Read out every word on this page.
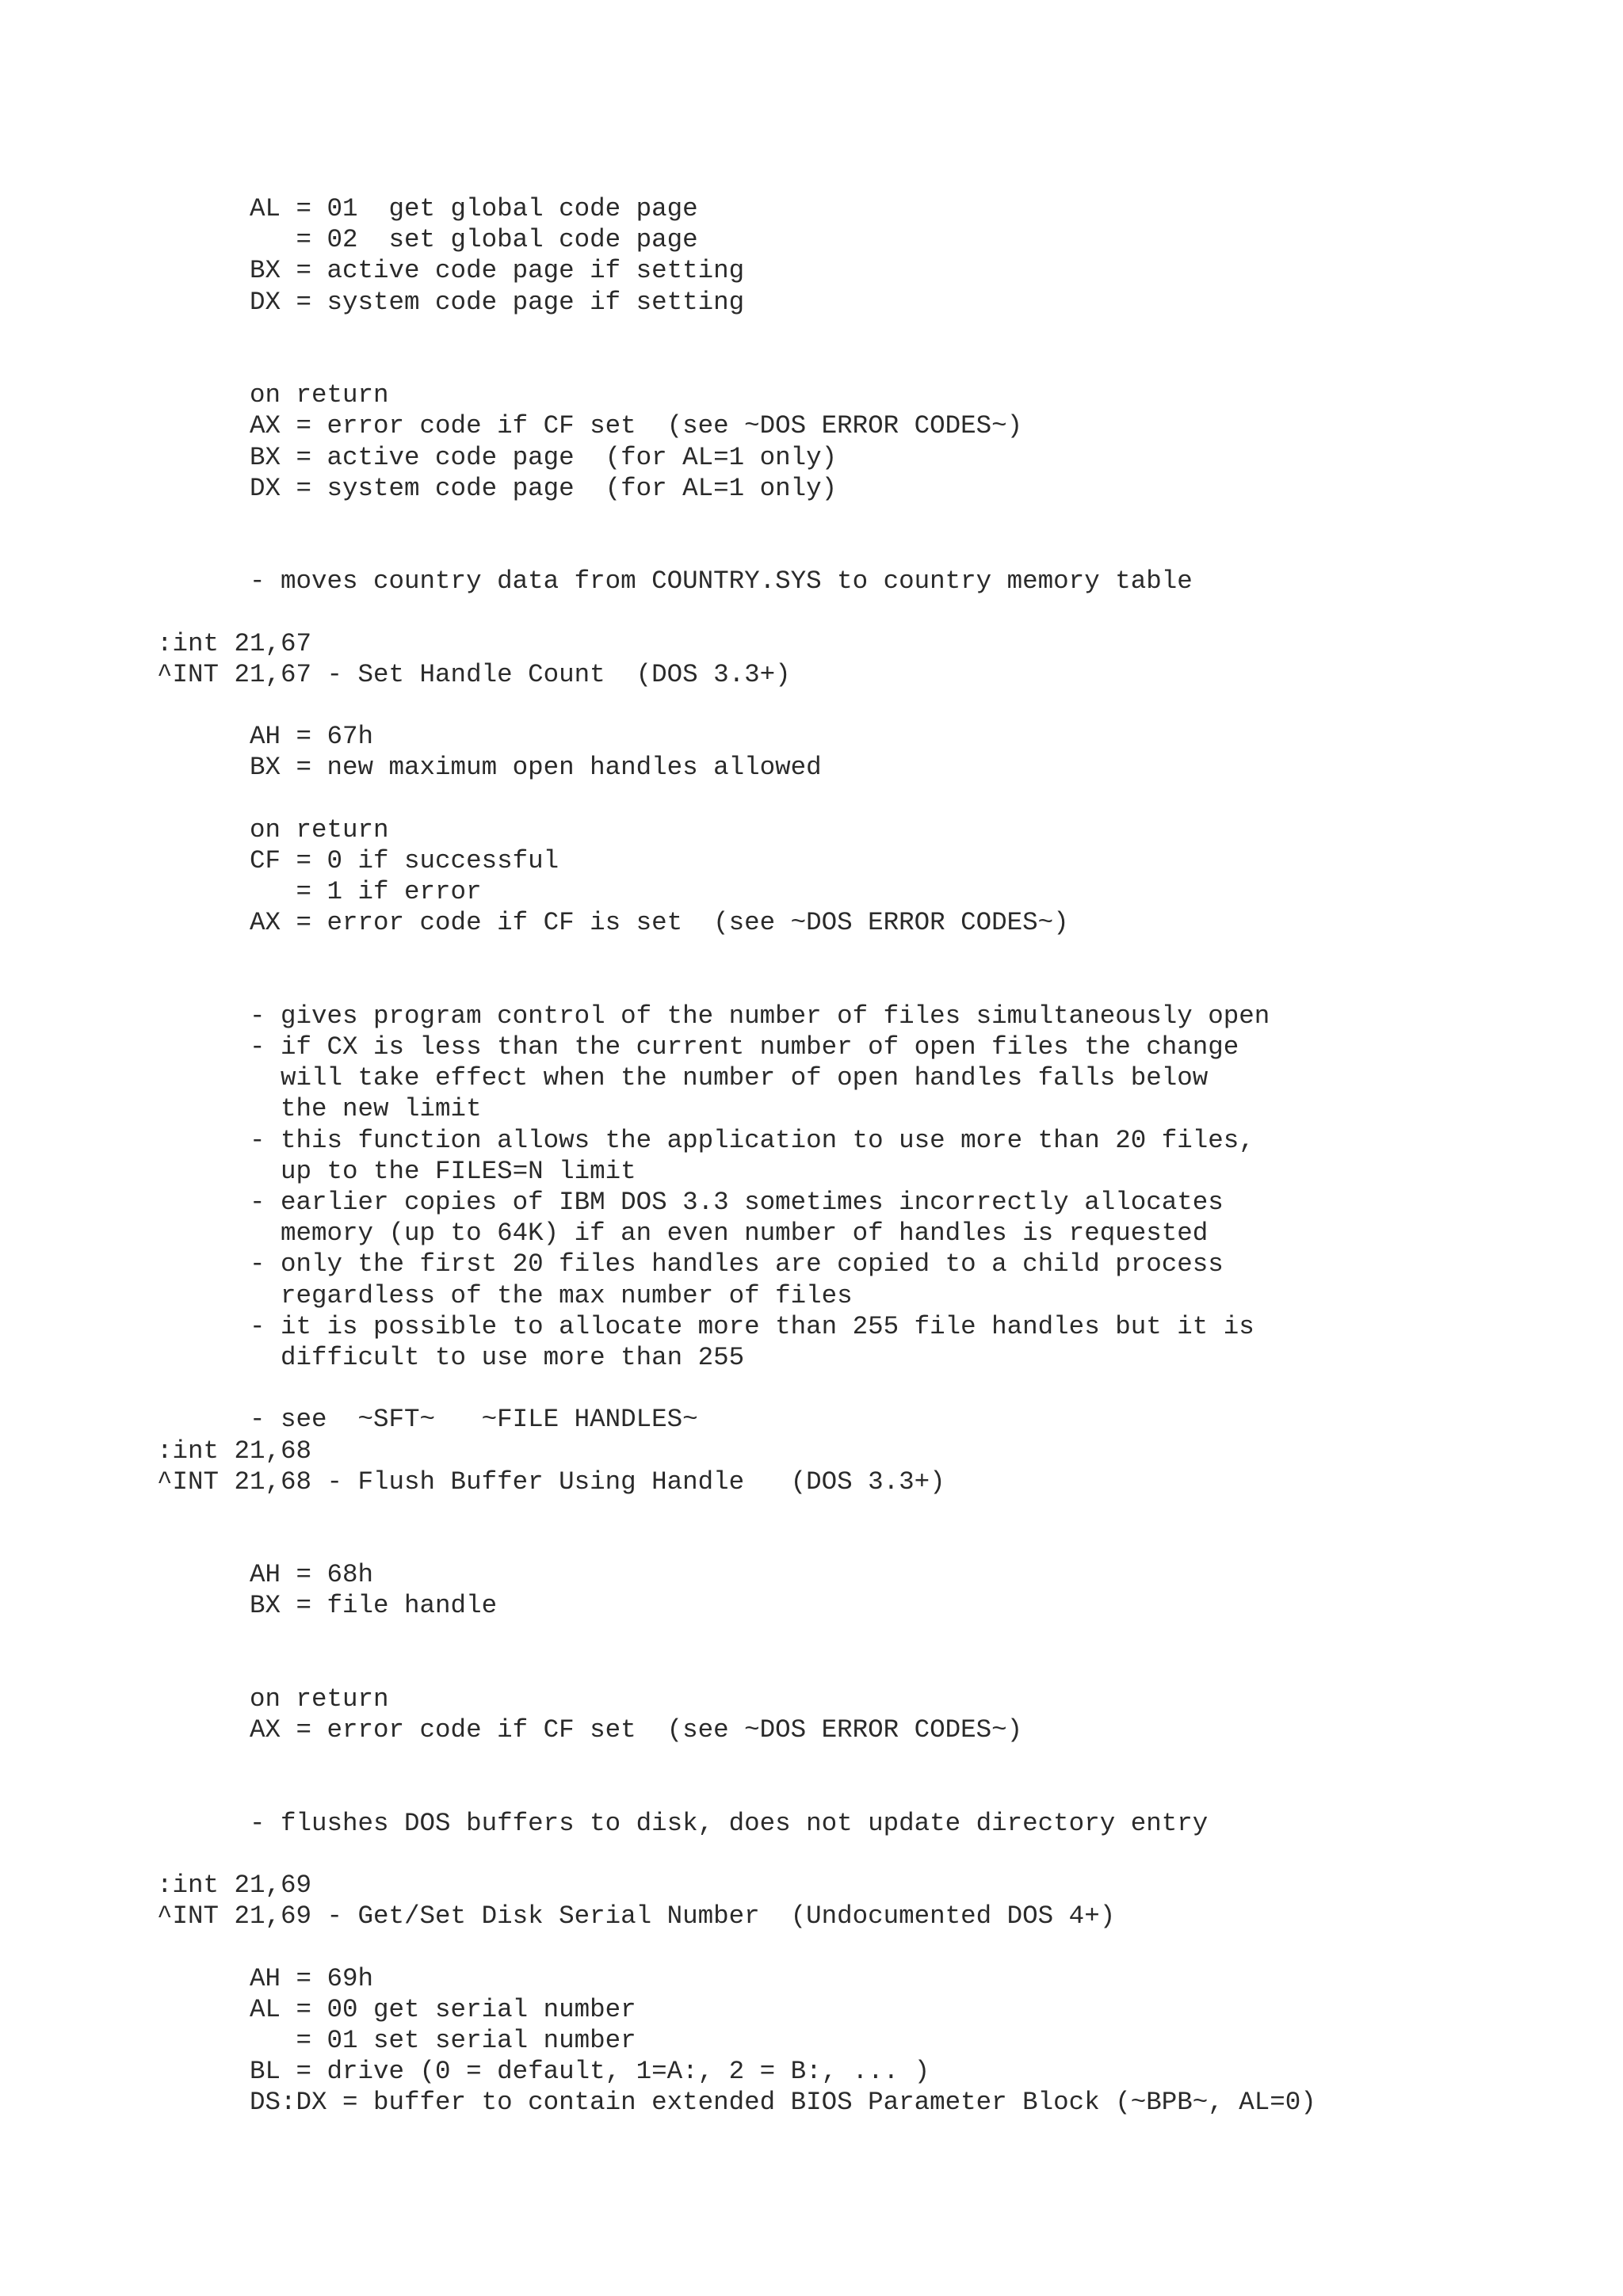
AL = 01  get global code page
= 02  set global code page
BX = active code page if setting
DX = system code page if setting
on return
AX = error code if CF set  (see ~DOS ERROR CODES~)
BX = active code page  (for AL=1 only)
DX = system code page  (for AL=1 only)
- moves country data from COUNTRY.SYS to country memory table
:int 21,67
^INT 21,67 - Set Handle Count  (DOS 3.3+)
AH = 67h
BX = new maximum open handles allowed
on return
CF = 0 if successful
= 1 if error
AX = error code if CF is set  (see ~DOS ERROR CODES~)
- gives program control of the number of files simultaneously open
- if CX is less than the current number of open files the change
will take effect when the number of open handles falls below
the new limit
- this function allows the application to use more than 20 files,
up to the FILES=N limit
- earlier copies of IBM DOS 3.3 sometimes incorrectly allocates
memory (up to 64K) if an even number of handles is requested
- only the first 20 files handles are copied to a child process
regardless of the max number of files
- it is possible to allocate more than 255 file handles but it is
difficult to use more than 255
- see  ~SFT~   ~FILE HANDLES~
:int 21,68
^INT 21,68 - Flush Buffer Using Handle   (DOS 3.3+)
AH = 68h
BX = file handle
on return
AX = error code if CF set  (see ~DOS ERROR CODES~)
- flushes DOS buffers to disk, does not update directory entry
:int 21,69
^INT 21,69 - Get/Set Disk Serial Number  (Undocumented DOS 4+)
AH = 69h
AL = 00 get serial number
= 01 set serial number
BL = drive (0 = default, 1=A:, 2 = B:, ... )
DS:DX = buffer to contain extended BIOS Parameter Block (~BPB~, AL=0)
